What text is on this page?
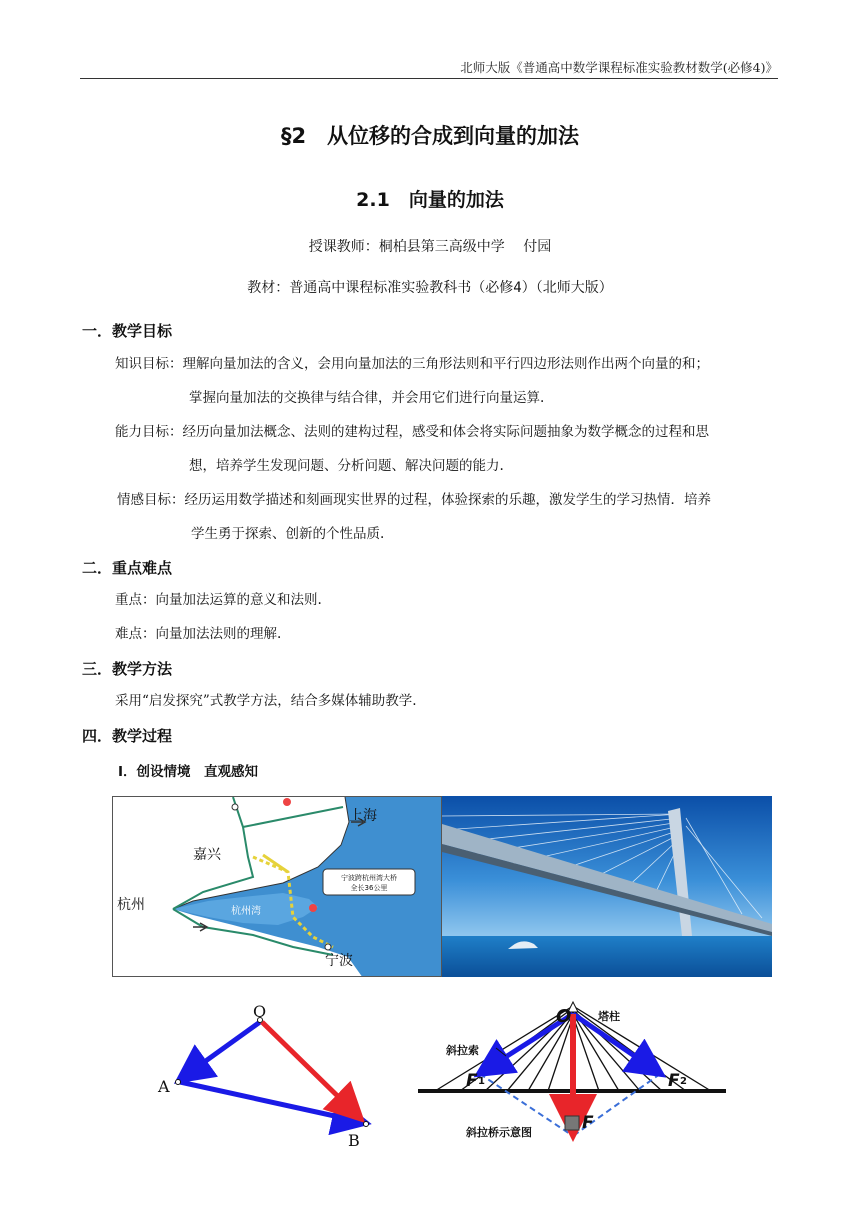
北师大版《普通高中数学课程标准实验教材数学(必修4)》
§2　从位移的合成到向量的加法
2.1　向量的加法
授课教师：桐柏县第三高级中学　 付园
教材：普通高中课程标准实验教科书（必修4）（北师大版）
一．教学目标
知识目标：理解向量加法的含义，会用向量加法的三角形法则和平行四边形法则作出两个向量的和；
掌握向量加法的交换律与结合律，并会用它们进行向量运算.
能力目标：经历向量加法概念、法则的建构过程，感受和体会将实际问题抽象为数学概念的过程和思
想，培养学生发现问题、分析问题、解决问题的能力.
情感目标：经历运用数学描述和刻画现实世界的过程，体验探索的乐趣，激发学生的学习热情．培养
学生勇于探索、创新的个性品质.
二．重点难点
重点：向量加法运算的意义和法则.
难点：向量加法法则的理解.
三．教学方法
采用“启发探究”式教学方法，结合多媒体辅助教学.
四．教学过程
Ⅰ．创设情境　直观感知
宁波跨杭州湾大桥
全长36公里
上海
嘉兴
杭州	杭州湾
宁波
O
A
B
O 塔柱
斜拉索
F 1	F 2
F
斜拉桥示意图
